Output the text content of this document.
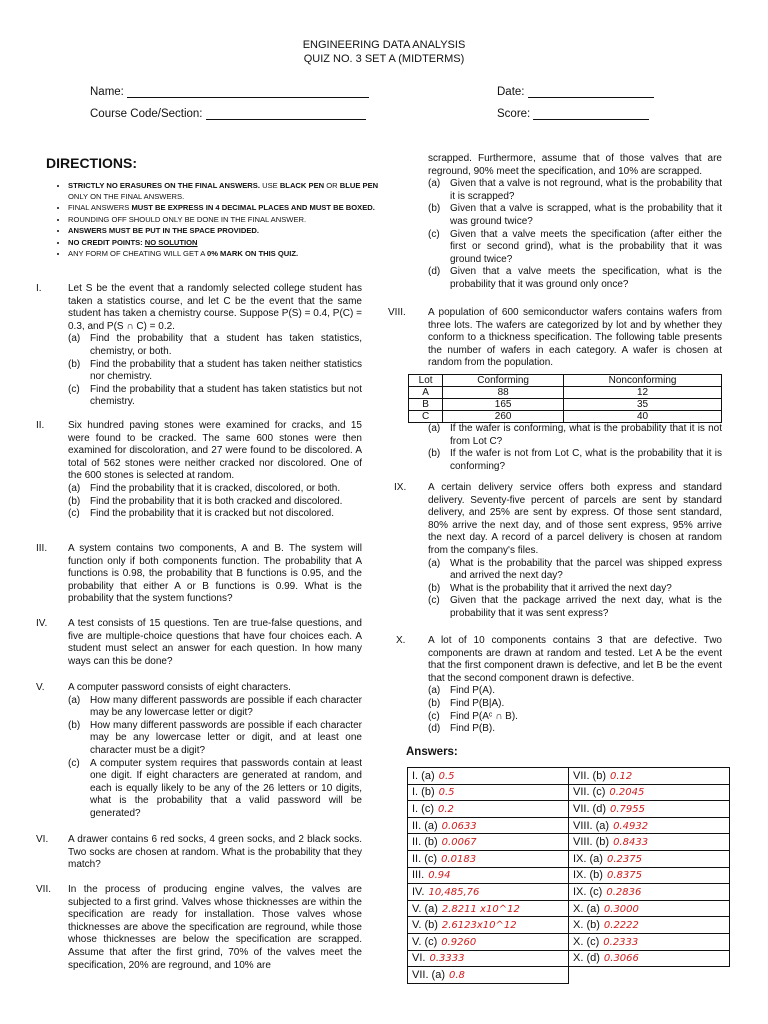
ENGINEERING DATA ANALYSIS
QUIZ NO. 3 SET A (MIDTERMS)
Name:	Date:
Course Code/Section:	Score:
DIRECTIONS:
• STRICTLY NO ERASURES ON THE FINAL ANSWERS. USE BLACK PEN OR BLUE PEN ONLY ON THE FINAL ANSWERS.
• FINAL ANSWERS MUST BE EXPRESS IN 4 DECIMAL PLACES AND MUST BE BOXED.
• ROUNDING OFF SHOULD ONLY BE DONE IN THE FINAL ANSWER.
• ANSWERS MUST BE PUT IN THE SPACE PROVIDED.
• NO CREDIT POINTS: NO SOLUTION
• ANY FORM OF CHEATING WILL GET A 0% MARK ON THIS QUIZ.
I.	Let S be the event that a randomly selected college student has taken a statistics course, and let C be the event that the same student has taken a chemistry course. Suppose P(S) = 0.4, P(C) = 0.3, and P(S ∩ C) = 0.2.
(a) Find the probability that a student has taken statistics, chemistry, or both.
(b) Find the probability that a student has taken neither statistics nor chemistry.
(c)	Find the probability that a student has taken statistics but not chemistry.
II. Six hundred paving stones were examined for cracks, and 15 were found to be cracked. The same 600 stones were then examined for discoloration, and 27 were found to be discolored. A total of 562 stones were neither cracked nor discolored. One of the 600 stones is selected at random.
(a) Find the probability that it is cracked, discolored, or both.
(b) Find the probability that it is both cracked and discolored.
(c)	Find the probability that it is cracked but not discolored.
III. A system contains two components, A and B. The system will function only if both components function. The probability that A functions is 0.98, the probability that B functions is 0.95, and the probability that either A or B functions is 0.99. What is the probability that the system functions?
IV. A test consists of 15 questions. Ten are true-false questions, and five are multiple-choice questions that have four choices each. A student must select an answer for each question. In how many ways can this be done?
V. A computer password consists of eight characters.
(a) How many different passwords are possible if each character may be any lowercase letter or digit?
(b) How many different passwords are possible if each character may be any lowercase letter or digit, and at least one character must be a digit?
(c)	A computer system requires that passwords contain at least one digit. If eight characters are generated at random, and each is equally likely to be any of the 26 letters or 10 digits, what is the probability that a valid password will be generated?
VI. A drawer contains 6 red socks, 4 green socks, and 2 black socks. Two socks are chosen at random. What is the probability that they match?
VII. In the process of producing engine valves, the valves are subjected to a first grind. Valves whose thicknesses are within the specification are ready for installation. Those valves whose thicknesses are above the specification are reground, while those whose thicknesses are below the specification are scrapped. Assume that after the first grind, 70% of the valves meet the specification, 20% are reground, and 10% are
scrapped. Furthermore, assume that of those valves that are reground, 90% meet the specification, and 10% are scrapped.
(a) Given that a valve is not reground, what is the probability that it is scrapped?
(b) Given that a valve is scrapped, what is the probability that it was ground twice?
(c)	Given that a valve meets the specification (after either the first or second grind), what is the probability that it was ground twice?
(d) Given that a valve meets the specification, what is the probability that it was ground only once?
VIII. A population of 600 semiconductor wafers contains wafers from three lots. The wafers are categorized by lot and by whether they conform to a thickness specification. The following table presents the number of wafers in each category. A wafer is chosen at random from the population.
Lot	Conforming	Nonconforming
A	88	12
B	165	35
C	260	40
(a) If the wafer is conforming, what is the probability that it is not from Lot C?
(b) If the wafer is not from Lot C, what is the probability that it is conforming?
IX. A certain delivery service offers both express and standard delivery. Seventy-five percent of parcels are sent by standard delivery, and 25% are sent by express. Of those sent standard, 80% arrive the next day, and of those sent express, 95% arrive the next day. A record of a parcel delivery is chosen at random from the company's files.
(a) What is the probability that the parcel was shipped express and arrived the next day?
(b) What is the probability that it arrived the next day?
(c)	Given that the package arrived the next day, what is the probability that it was sent express?
X. A lot of 10 components contains 3 that are defective. Two components are drawn at random and tested. Let A be the event that the first component drawn is defective, and let B be the event that the second component drawn is defective.
(a) Find P(A).
(b) Find P(B|A).
(c)	Find P(Aᶜ ∩ B).
(d) Find P(B).
Answers:
I. (a) 0.5	VII. (b) 0.12
I. (b) 0.5	VII. (c) 0.2045
I. (c) 0.2	VII. (d) 0.7955
II. (a) 0.0633	VIII. (a) 0.4932
II. (b) 0.0067	VIII. (b) 0.8433
II. (c) 0.0183	IX. (a) 0.2375
III. 0.94	IX. (b) 0.8375
IV. 10,485,76	IX. (c) 0.2836
V. (a) 2.8211 x10^12	X. (a) 0.3000
V. (b) 2.6123x10^12	X. (b) 0.2222
V. (c) 0.9260	X. (c) 0.2333
VI. 0.3333	X. (d) 0.3066
VII. (a) 0.8	
